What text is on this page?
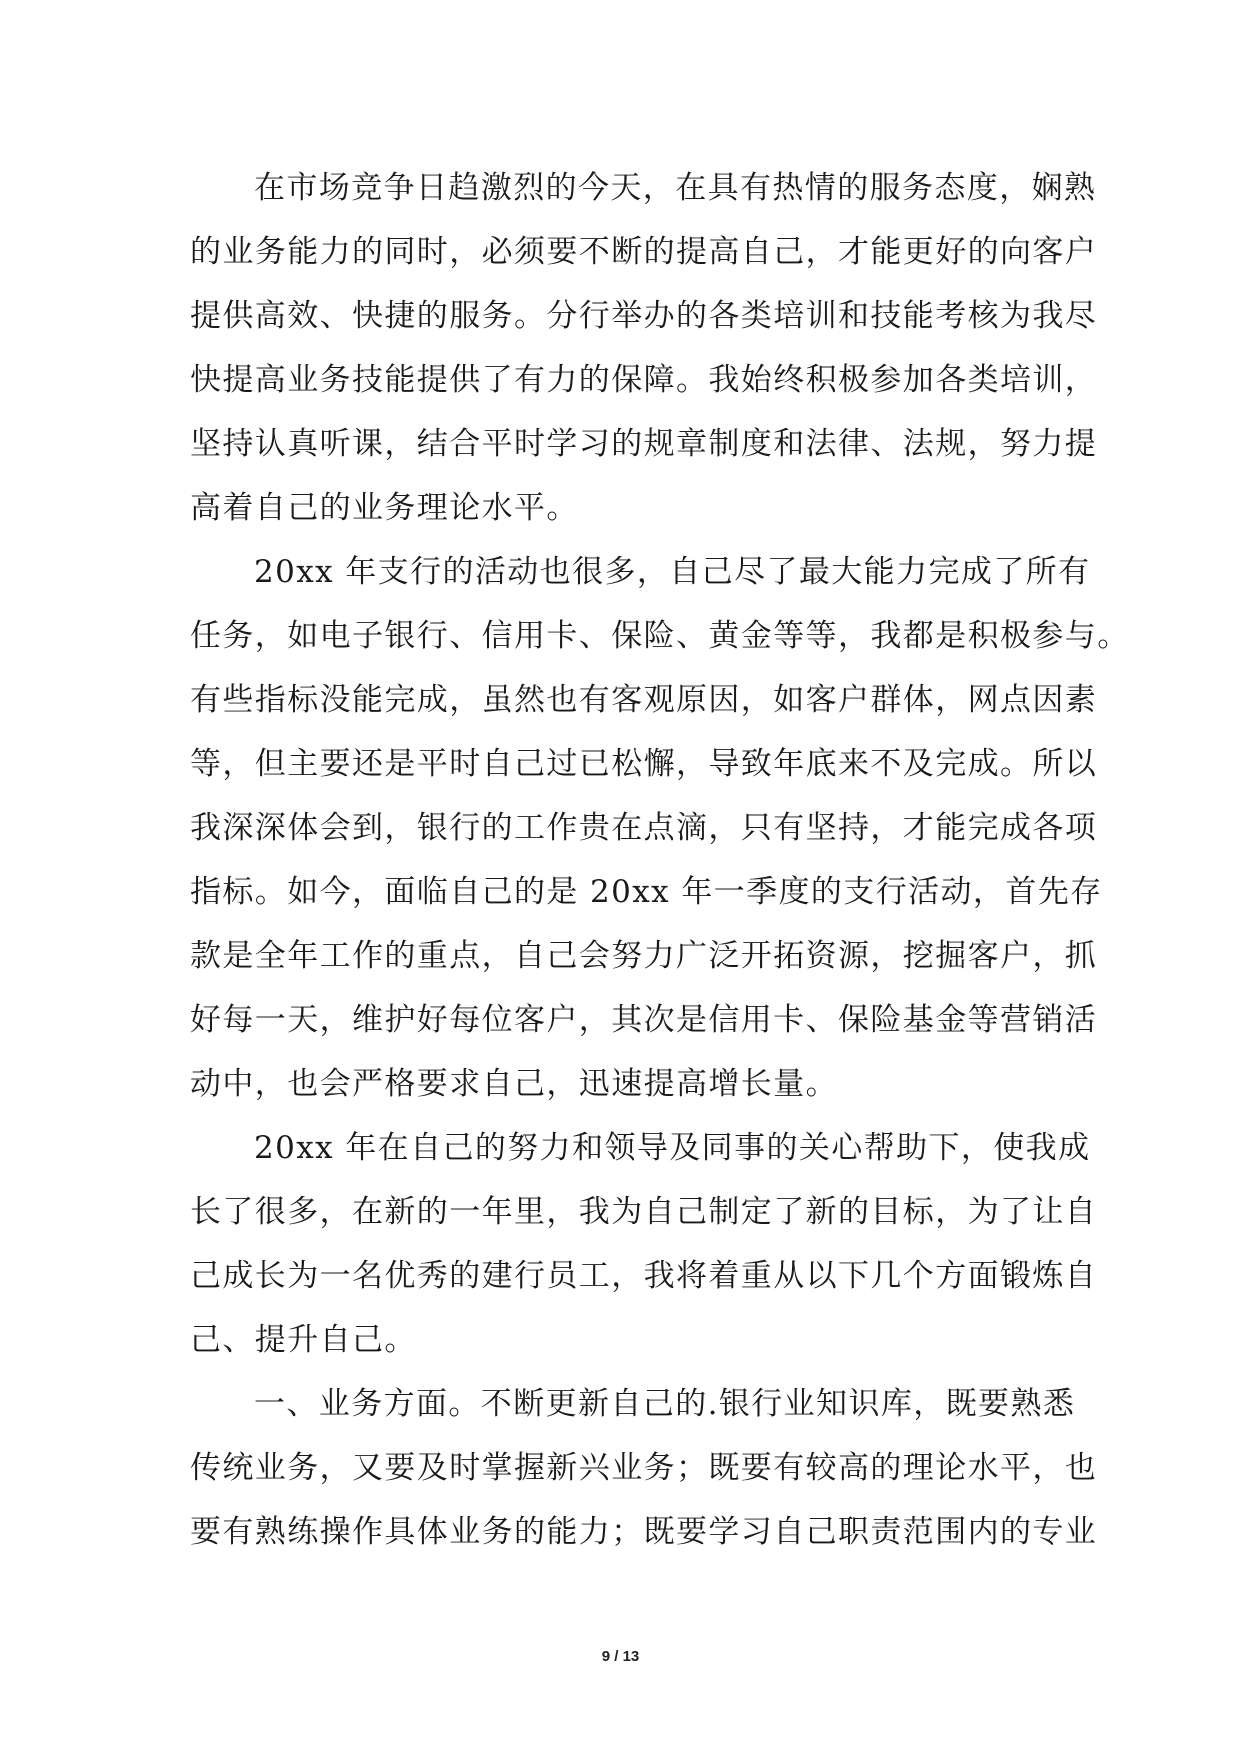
在市场竞争日趋激烈的今天，在具有热情的服务态度，娴熟
的业务能力的同时，必须要不断的提高自己，才能更好的向客户
提供高效、快捷的服务。分行举办的各类培训和技能考核为我尽
快提高业务技能提供了有力的保障。我始终积极参加各类培训，
坚持认真听课，结合平时学习的规章制度和法律、法规，努力提
高着自己的业务理论水平。
20xx 年支行的活动也很多，自己尽了最大能力完成了所有
任务，如电子银行、信用卡、保险、黄金等等，我都是积极参与。
有些指标没能完成，虽然也有客观原因，如客户群体，网点因素
等，但主要还是平时自己过已松懈，导致年底来不及完成。所以
我深深体会到，银行的工作贵在点滴，只有坚持，才能完成各项
指标。如今，面临自己的是 20xx 年一季度的支行活动，首先存
款是全年工作的重点，自己会努力广泛开拓资源，挖掘客户，抓
好每一天，维护好每位客户，其次是信用卡、保险基金等营销活
动中，也会严格要求自己，迅速提高增长量。
20xx 年在自己的努力和领导及同事的关心帮助下，使我成
长了很多，在新的一年里，我为自己制定了新的目标，为了让自
己成长为一名优秀的建行员工，我将着重从以下几个方面锻炼自
己、提升自己。
一、业务方面。不断更新自己的.银行业知识库，既要熟悉
传统业务，又要及时掌握新兴业务；既要有较高的理论水平，也
要有熟练操作具体业务的能力；既要学习自己职责范围内的专业
9 / 13
